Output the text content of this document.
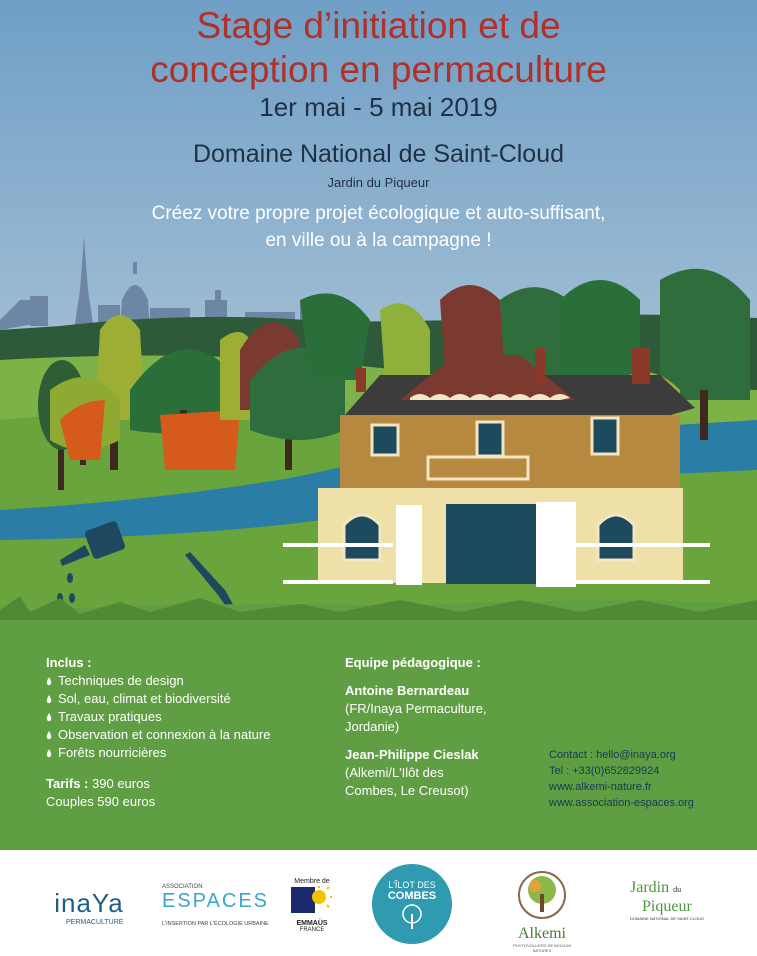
Stage d’initiation et de
conception en permaculture
1er mai - 5 mai 2019
Domaine National de Saint-Cloud
Jardin du Piqueur
Créez votre propre projet écologique et auto-suffisant,
en ville ou à la campagne !
Inclus :
Techniques de design
Sol, eau, climat et biodiversité
Travaux pratiques
Observation et connexion à la nature
Forêts nourricières
Tarifs : 390 euros
Couples 590 euros
Equipe pédagogique :
Antoine Bernardeau
(FR/Inaya Permaculture,
Jordanie)
Jean-Philippe Cieslak
(Alkemi/L'Ilôt des
Combes, Le Creusot)
Contact : hello@inaya.org
Tel : +33(0)652829924
www.alkemi-nature.fr
www.association-espaces.org
inaYa
PERMACULTURE
ASSOCIATION
ESPACES
L'INSERTION PAR L'ÉCOLOGIE URBAINE
Membre de
EMMAÜS
FRANCE
L'ÎLOT DES
COMBES
Alkemi
PHYTOVOLLIERS DE BIOCLIM NATURES
Jardin du
Piqueur
DOMAINE NATIONAL DE SAINT-CLOUD
